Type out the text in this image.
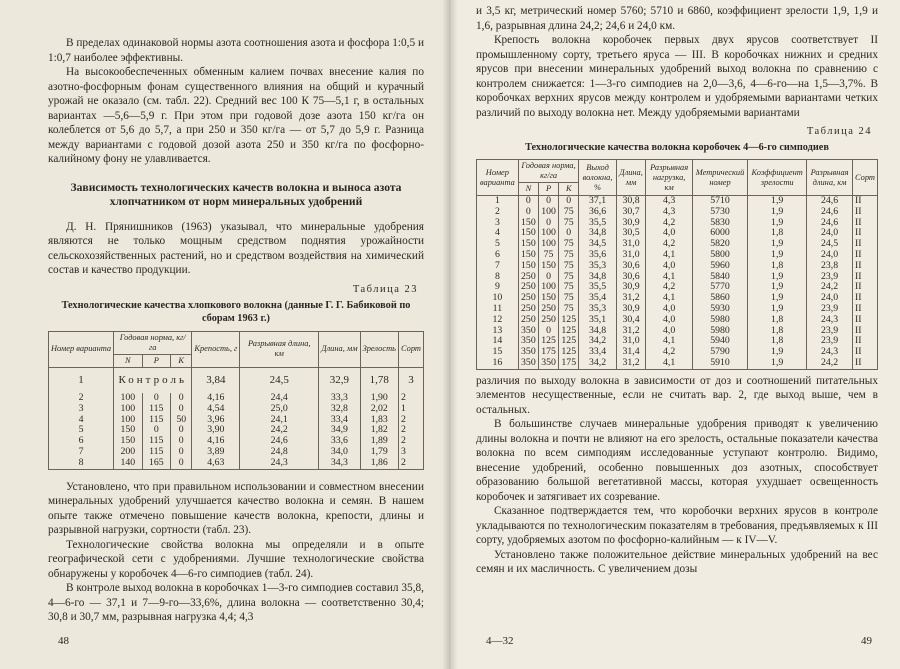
В пределах одинаковой нормы азота соотношения азота и фосфора 1:0,5 и 1:0,7 наиболее эффективны.

На высокообеспеченных обменным калием почвах внесение калия по азотно-фосфорным фонам существенного влияния на общий и курачный урожай не оказало (см. табл. 22). Средний вес 100 К 75—5,1 г, в остальных вариантах —5,6—5,9 г. При этом при годовой дозе азота 150 кг/га он колеблется от 5,6 до 5,7, а при 250 и 350 кг/га — от 5,7 до 5,9 г. Разница между вариантами с годовой дозой азота 250 и 350 кг/га по фосфорно-калийному фону не улавливается.

Зависимость технологических качеств волокна и выноса азота хлопчатником от норм минеральных удобрений

Д. Н. Прянишников (1963) указывал, что минеральные удобрения являются не только мощным средством поднятия урожайности сельскохозяйственных растений, но и средством воздействия на химический состав и качество продукции.

Таблица 23
Технологические качества хлопкового волокна (данные Г. Г. Бабиковой по сборам 1963 г.)
Номер варианта	Годовая норма, кг/га			Крепость, г	Разрывная длина, км	Длина, мм	Зрелость	Сорт
	N	P	K					
1	Контроль			3,84	24,5	32,9	1,78	3
2	100	0	0	4,16	24,4	33,3	1,90	2
3	100	115	0	4,54	25,0	32,8	2,02	1
4	100	115	50	3,96	24,1	33,4	1,83	2
5	150	0	0	3,90	24,2	34,9	1,82	2
6	150	115	0	4,16	24,6	33,6	1,89	2
7	200	115	0	3,89	24,8	34,0	1,79	3
8	140	165	0	4,63	24,3	34,3	1,86	2

Установлено, что при правильном использовании и совместном внесении минеральных удобрений улучшается качество волокна и семян. В нашем опыте также отмечено повышение качеств волокна, крепости, длины и разрывной нагрузки, сортности (табл. 23).

Технологические свойства волокна мы определяли и в опыте географической сети с удобрениями. Лучшие технологические свойства обнаружены у коробочек 4—6-го симподиев (табл. 24).

В контроле выход волокна в коробочках 1—3-го симподиев составил 35,8, 4—6-го — 37,1 и 7—9-го—33,6%, длина волокна — соответственно 30,4; 30,8 и 30,7 мм, разрывная нагрузка 4,4; 4,3

48

и 3,5 кг, метрический номер 5760; 5710 и 6860, коэффициент зрелости 1,9, 1,9 и 1,6, разрывная длина 24,2; 24,6 и 24,0 км.

Крепость волокна коробочек первых двух ярусов соответствует II промышленному сорту, третьего яруса — III. В коробочках нижних и средних ярусов при внесении минеральных удобрений выход волокна по сравнению с контролем снижается: 1—3-го симподиев на 2,0—3,6, 4—6-го—на 1,5—3,7%. В коробочках верхних ярусов между контролем и удобряемыми вариантами четких различий по выходу волокна нет. Между удобряемыми вариантами

Таблица 24
Технологические качества волокна коробочек 4—6-го симподиев
Номер варианта	Годовая норма, кг/га			Выход волокна, %	Длина, мм	Разрывная нагрузка, км	Метрический номер	Коэффициент зрелости	Разрывная длина, км	Сорт
	N	P	K							
1	0	0	0	37,1	30,8	4,3	5710	1,9	24,6	II
2	0	100	75	36,6	30,7	4,3	5730	1,9	24,6	II
3	150	0	75	35,5	30,9	4,2	5830	1,9	24,6	II
4	150	100	0	34,8	30,5	4,0	6000	1,8	24,0	II
5	150	100	75	34,5	31,0	4,2	5820	1,9	24,5	II
6	150	75	75	35,6	31,0	4,1	5800	1,9	24,0	II
7	150	150	75	35,3	30,6	4,0	5960	1,8	23,8	II
8	250	0	75	34,8	30,6	4,1	5840	1,9	23,9	II
9	250	100	75	35,5	30,9	4,2	5770	1,9	24,2	II
10	250	150	75	35,4	31,2	4,1	5860	1,9	24,0	II
11	250	250	75	35,3	30,9	4,0	5930	1,9	23,9	II
12	250	250	125	35,1	30,4	4,0	5980	1,8	24,3	II
13	350	0	125	34,8	31,2	4,0	5980	1,8	23,9	II
14	350	125	125	34,2	31,0	4,1	5940	1,8	23,9	II
15	350	175	125	33,4	31,4	4,2	5790	1,9	24,3	II
16	350	350	175	34,2	31,2	4,1	5910	1,9	24,2	II

различия по выходу волокна в зависимости от доз и соотношений питательных элементов несущественные, если не считать вар. 2, где выход выше, чем в остальных.

В большинстве случаев минеральные удобрения приводят к увеличению длины волокна и почти не влияют на его зрелость, остальные показатели качества волокна по всем симподиям исследованные уступают контролю. Видимо, внесение удобрений, особенно повышенных доз азотных, способствует образованию большой вегетативной массы, которая ухудшает освещенность коробочек и затягивает их созревание.

Сказанное подтверждается тем, что коробочки верхних ярусов в контроле укладываются по технологическим показателям в требования, предъявляемых к III сорту, удобряемых азотом по фосфорно-калийным — к IV—V.

Установлено также положительное действие минеральных удобрений на вес семян и их масличность. С увеличением дозы

4—32	49
